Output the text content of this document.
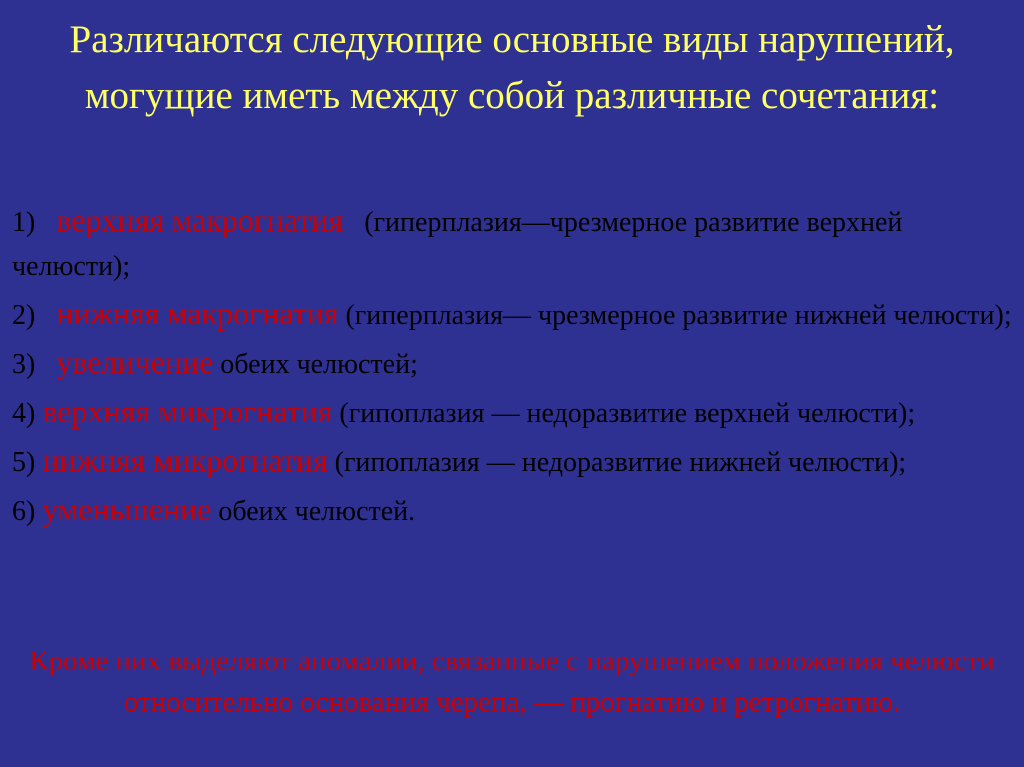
Различаются следующие основные виды нарушений, могущие иметь между собой различные сочетания:
1)   верхняя макрогнатия   (гиперплазия—чрезмерное развитие верхней челюсти);
2)   нижняя макрогнатия (гиперплазия— чрезмерное развитие нижней челюсти);
3)   увеличение обеих челюстей;
4) верхняя микрогнатия (гипоплазия — недоразвитие верхней челюсти);
5) нижняя микрогнатия (гипоплазия — недоразвитие нижней челюсти);
6) уменьшение обеих челюстей.
Кроме них выделяют аномалии, связанные с нарушением положения челюсти относительно основания черепа, — прогнатию и ретрогнатию.
